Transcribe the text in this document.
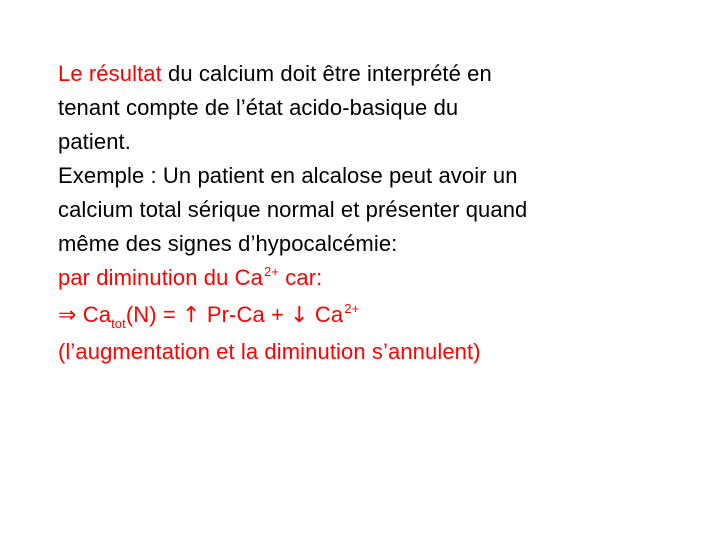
Le résultat du calcium doit être interprété en
tenant compte de l’état acido-basique du
patient.
Exemple : Un patient en alcalose peut avoir un
calcium total sérique normal et présenter quand
même des signes d’hypocalcémie:
par diminution du $Ca^{2+}$ car:
⇒ $Ca_{tot}(N)$ = ↑ Pr-Ca + ↓ $Ca^{2+}$
(l’augmentation et la diminution s’annulent)
